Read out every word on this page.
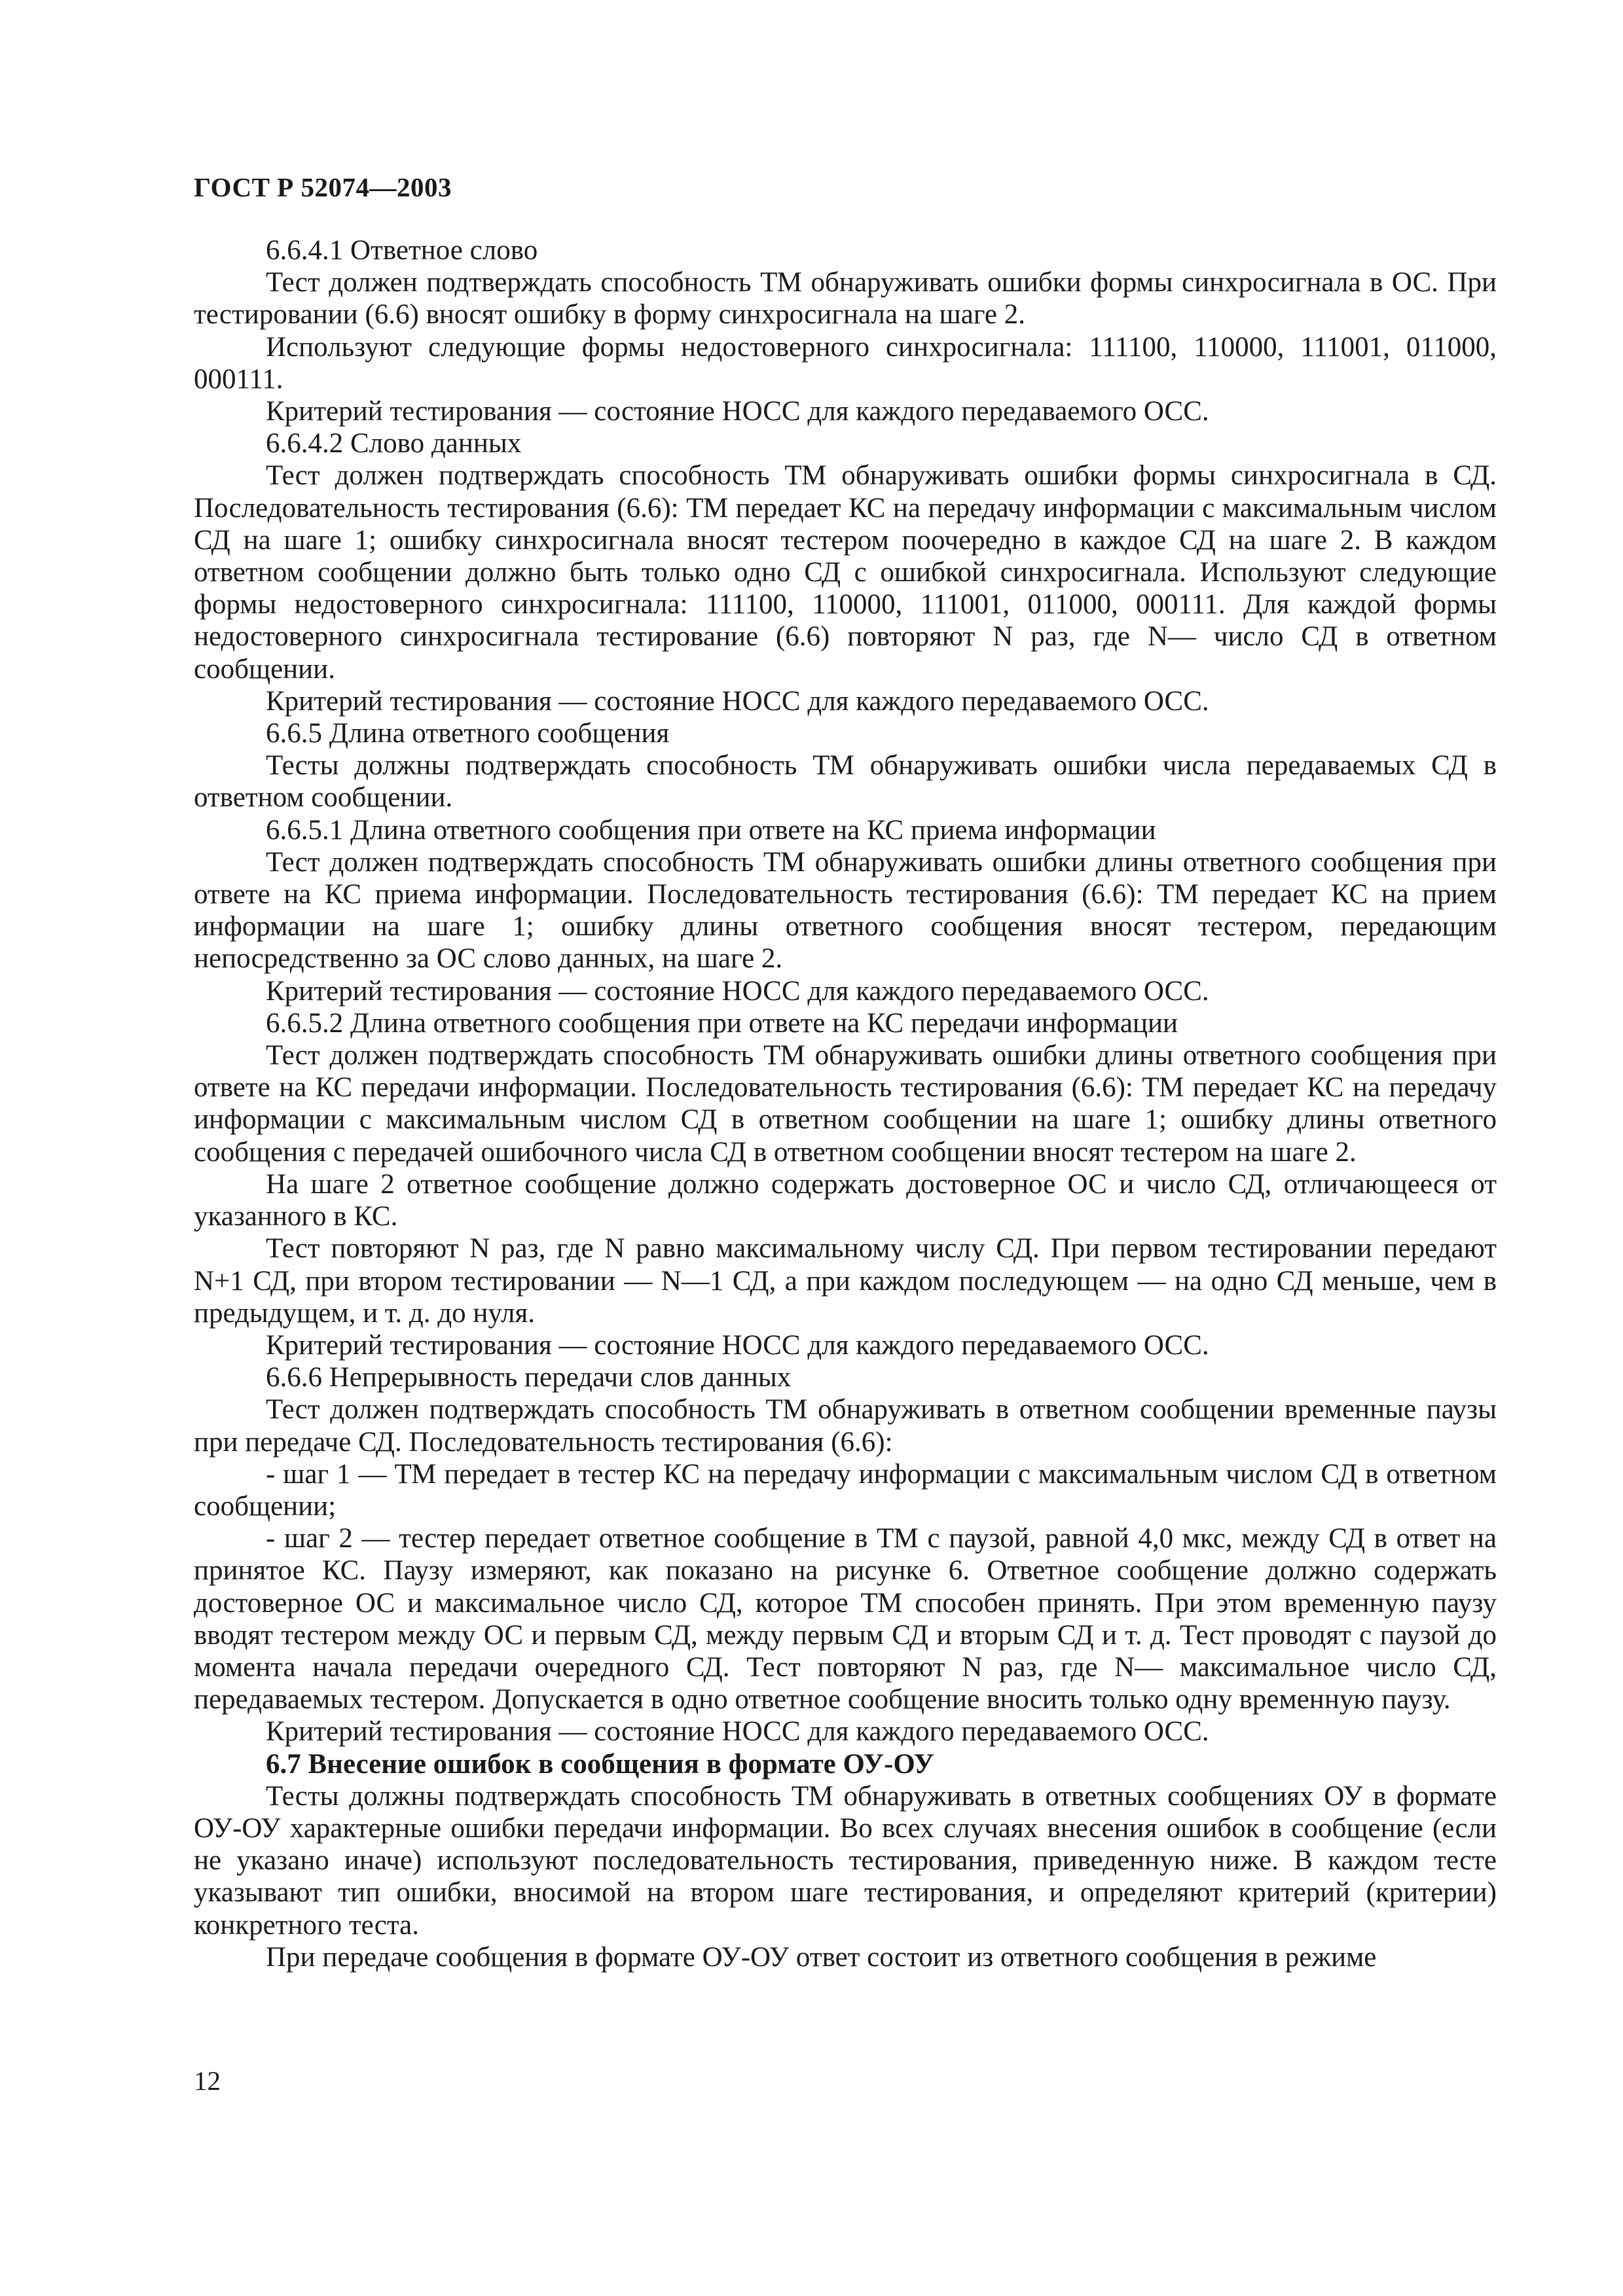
ГОСТ Р 52074—2003

6.6.4.1 Ответное слово

Тест должен подтверждать способность ТМ обнаруживать ошибки формы синхросигнала в ОС. При тестировании (6.6) вносят ошибку в форму синхросигнала на шаге 2.

Используют следующие формы недостоверного синхросигнала: 111100, 110000, 111001, 011000, 000111.

Критерий тестирования — состояние НОСС для каждого передаваемого ОСС.

6.6.4.2 Слово данных

Тест должен подтверждать способность ТМ обнаруживать ошибки формы синхросигнала в СД. Последовательность тестирования (6.6): ТМ передает КС на передачу информации с максимальным числом СД на шаге 1; ошибку синхросигнала вносят тестером поочередно в каждое СД на шаге 2. В каждом ответном сообщении должно быть только одно СД с ошибкой синхросигнала. Используют следующие формы недостоверного синхросигнала: 111100, 110000, 111001, 011000, 000111. Для каждой формы недостоверного синхросигнала тестирование (6.6) повторяют N раз, где N— число СД в ответном сообщении.

Критерий тестирования — состояние НОСС для каждого передаваемого ОСС.

6.6.5 Длина ответного сообщения

Тесты должны подтверждать способность ТМ обнаруживать ошибки числа передаваемых СД в ответном сообщении.

6.6.5.1 Длина ответного сообщения при ответе на КС приема информации

Тест должен подтверждать способность ТМ обнаруживать ошибки длины ответного сообщения при ответе на КС приема информации. Последовательность тестирования (6.6): ТМ передает КС на прием информации на шаге 1; ошибку длины ответного сообщения вносят тестером, передающим непосредственно за ОС слово данных, на шаге 2.

Критерий тестирования — состояние НОСС для каждого передаваемого ОСС.

6.6.5.2 Длина ответного сообщения при ответе на КС передачи информации

Тест должен подтверждать способность ТМ обнаруживать ошибки длины ответного сообщения при ответе на КС передачи информации. Последовательность тестирования (6.6): ТМ передает КС на передачу информации с максимальным числом СД в ответном сообщении на шаге 1; ошибку длины ответного сообщения с передачей ошибочного числа СД в ответном сообщении вносят тестером на шаге 2.

На шаге 2 ответное сообщение должно содержать достоверное ОС и число СД, отличающееся от указанного в КС.

Тест повторяют N раз, где N равно максимальному числу СД. При первом тестировании передают N+1 СД, при втором тестировании — N—1 СД, а при каждом последующем — на одно СД меньше, чем в предыдущем, и т. д. до нуля.

Критерий тестирования — состояние НОСС для каждого передаваемого ОСС.

6.6.6 Непрерывность передачи слов данных

Тест должен подтверждать способность ТМ обнаруживать в ответном сообщении временные паузы при передаче СД. Последовательность тестирования (6.6):

- шаг 1 — ТМ передает в тестер КС на передачу информации с максимальным числом СД в ответном сообщении;

- шаг 2 — тестер передает ответное сообщение в ТМ с паузой, равной 4,0 мкс, между СД в ответ на принятое КС. Паузу измеряют, как показано на рисунке 6. Ответное сообщение должно содержать достоверное ОС и максимальное число СД, которое ТМ способен принять. При этом временную паузу вводят тестером между ОС и первым СД, между первым СД и вторым СД и т. д. Тест проводят с паузой до момента начала передачи очередного СД. Тест повторяют N раз, где N— максимальное число СД, передаваемых тестером. Допускается в одно ответное сообщение вносить только одну временную паузу.

Критерий тестирования — состояние НОСС для каждого передаваемого ОСС.

6.7 Внесение ошибок в сообщения в формате ОУ-ОУ

Тесты должны подтверждать способность ТМ обнаруживать в ответных сообщениях ОУ в формате ОУ-ОУ характерные ошибки передачи информации. Во всех случаях внесения ошибок в сообщение (если не указано иначе) используют последовательность тестирования, приведенную ниже. В каждом тесте указывают тип ошибки, вносимой на втором шаге тестирования, и определяют критерий (критерии) конкретного теста.

При передаче сообщения в формате ОУ-ОУ ответ состоит из ответного сообщения в режиме

12
